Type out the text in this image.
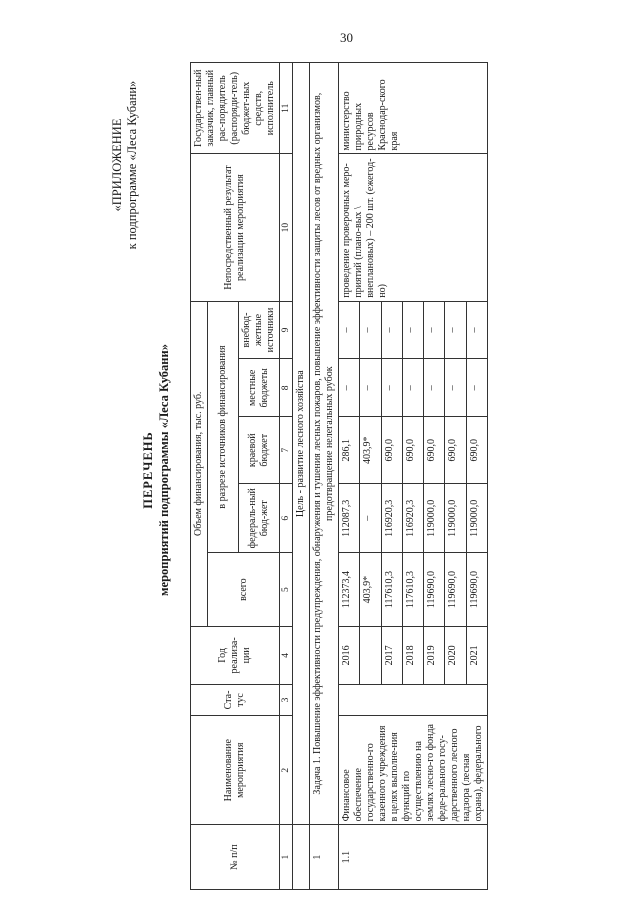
30
«ПРИЛОЖЕНИЕ к подпрограмме «Леса Кубани»
ПЕРЕЧЕНЬ мероприятий подпрограммы «Леса Кубани»
№ п/п	Наименование мероприятия	Ста-тус	Год реализа-ции	Объем финансирования, тыс. руб.					Непосредственный результат реализации мероприятия	Государствен-ный заказчик, главный рас-порядитель (распоряди-тель) бюджет-ных средств, исполнитель
				всего	в разрезе источников финансирования					
					федераль-ный бюд-жет	краевой бюджет	местные бюджеты	внебюд-жетные источники		
1	2	3	4	5	6	7	8	9	10	11
	Цель - развитие лесного хозяйства									
1	Задача 1. Повышение эффективности предупреждения, обнаружения и тушения лесных пожаров, повышение эффективности защиты лесов от вредных организмов, предотвращение нелегальных рубок									
1.1	Финансовое обеспечение государственно-го казенного учреждения в целях выполне-ния функций по осуществлению на землях лесно-го фонда феде-рального госу-дарственного лесного надзора (лесная охрана), федерального		2016	112373,4	112087,3	286,1	–	–	проведение проверочных меро-приятий (плано-вых \ внеплановых) – 200 шт. (ежегод-но)	министерство природных ресурсов Краснодар-ского края
				403,9*	–	403,9*	–	–		
			2017	117610,3	116920,3	690,0	–	–		
			2018	117610,3	116920,3	690,0	–	–		
			2019	119690,0	119000,0	690,0	–	–		
			2020	119690,0	119000,0	690,0	–	–		
			2021	119690,0	119000,0	690,0	–	–		
